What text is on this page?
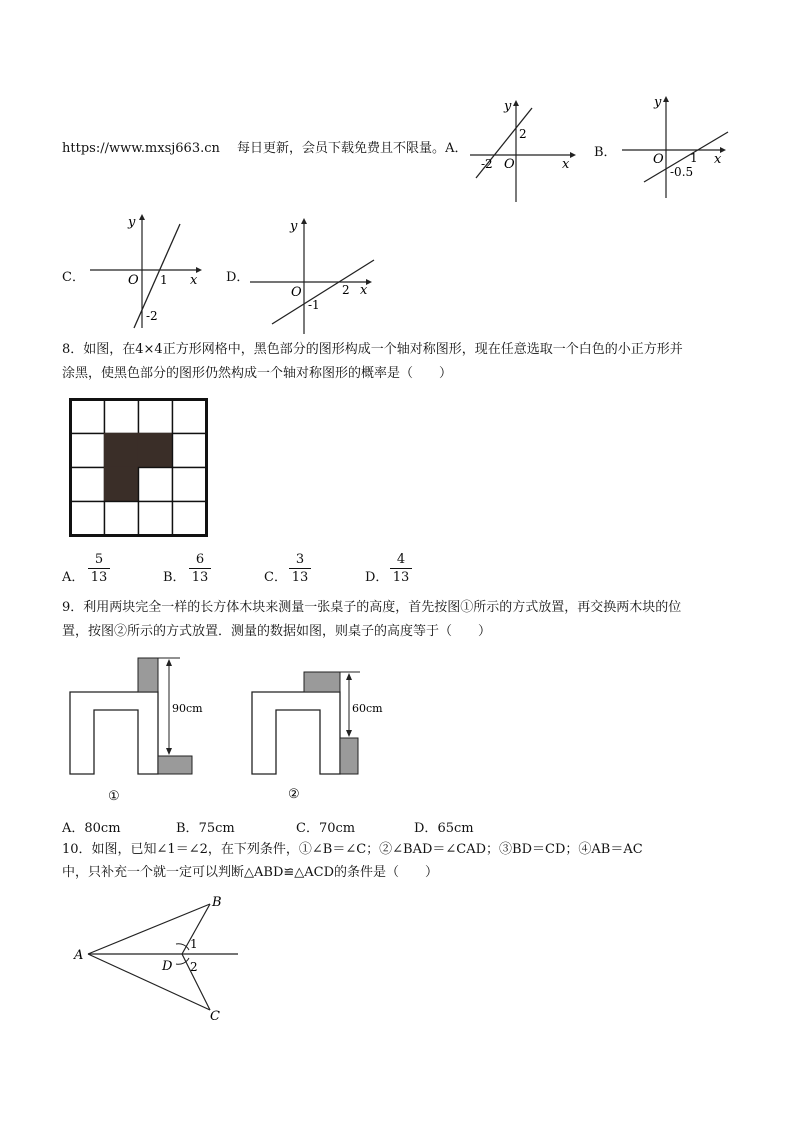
https://www.mxsj663.cn 　 每日更新，会员下载免费且不限量。A．
x
y
O
-2
2
B．	x
y
O 1
-0.5
C．	x
y
O 1
-2
D．
x
y
O	2
-1
8．如图，在4×4正方形网格中，黑色部分的图形构成一个轴对称图形，现在任意选取一个白色的小正方形并
涂黑，使黑色部分的图形仍然构成一个轴对称图形的概率是（　　）
A．
5
13	B．
6
13	C．
3
13	D．
4
13
9．利用两块完全一样的长方体木块来测量一张桌子的高度，首先按图①所示的方式放置，再交换两木块的位
置，按图②所示的方式放置．测量的数据如图，则桌子的高度等于（　　）
90cm
①
60cm
②
A．80cm	B．75cm	C．70cm	D．65cm
10．如图，已知∠1＝∠2，在下列条件，①∠B＝∠C；②∠BAD＝∠CAD；③BD＝CD；④AB＝AC
中，只补充一个就一定可以判断△ABD≌△ACD的条件是（　　）
A
B
C
D
1
2
